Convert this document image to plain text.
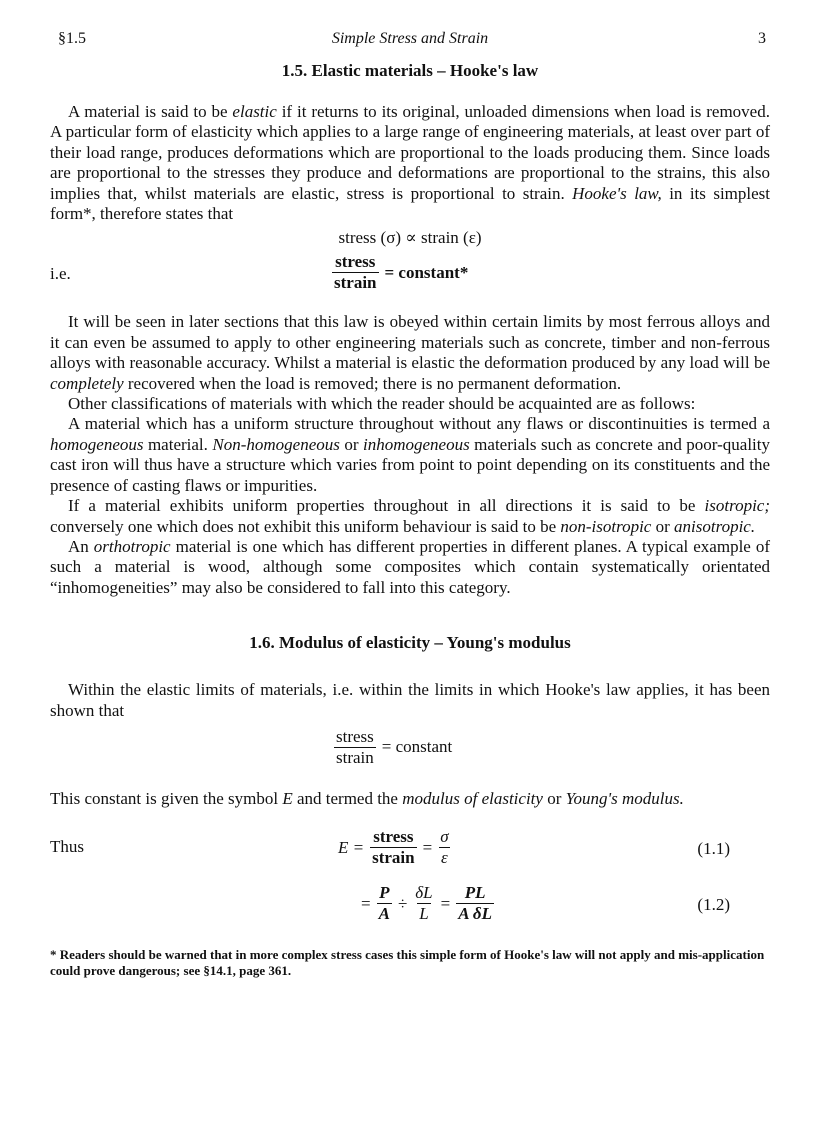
§1.5	Simple Stress and Strain	3
1.5. Elastic materials – Hooke's law

A material is said to be elastic if it returns to its original, unloaded dimensions when load is removed. A particular form of elasticity which applies to a large range of engineering materials, at least over part of their load range, produces deformations which are proportional to the loads producing them. Since loads are proportional to the stresses they produce and deformations are proportional to the strains, this also implies that, whilst materials are elastic, stress is proportional to strain. Hooke's law, in its simplest form*, therefore states that

stress (σ) ∝ strain (ε)
i.e.	$\frac{\text{stress}}{\text{strain}}$ = constant*

It will be seen in later sections that this law is obeyed within certain limits by most ferrous alloys and it can even be assumed to apply to other engineering materials such as concrete, timber and non-ferrous alloys with reasonable accuracy. Whilst a material is elastic the deformation produced by any load will be completely recovered when the load is removed; there is no permanent deformation.

Other classifications of materials with which the reader should be acquainted are as follows:

A material which has a uniform structure throughout without any flaws or discontinuities is termed a homogeneous material. Non-homogeneous or inhomogeneous materials such as concrete and poor-quality cast iron will thus have a structure which varies from point to point depending on its constituents and the presence of casting flaws or impurities.

If a material exhibits uniform properties throughout in all directions it is said to be isotropic; conversely one which does not exhibit this uniform behaviour is said to be non-isotropic or anisotropic.

An orthotropic material is one which has different properties in different planes. A typical example of such a material is wood, although some composites which contain systematically orientated “inhomogeneities” may also be considered to fall into this category.

1.6. Modulus of elasticity – Young's modulus

Within the elastic limits of materials, i.e. within the limits in which Hooke's law applies, it has been shown that

$\frac{\text{stress}}{\text{strain}}$ = constant

This constant is given the symbol E and termed the modulus of elasticity or Young's modulus.

Thus	$E = \frac{\text{stress}}{\text{strain}} = \frac{\sigma}{\varepsilon}$	(1.1)
= $\frac{P}{A} \div \frac{\delta L}{L} = \frac{PL}{\text{A δL}}$	(1.2)
* Readers should be warned that in more complex stress cases this simple form of Hooke's law will not apply and mis-application could prove dangerous; see §14.1, page 361.
